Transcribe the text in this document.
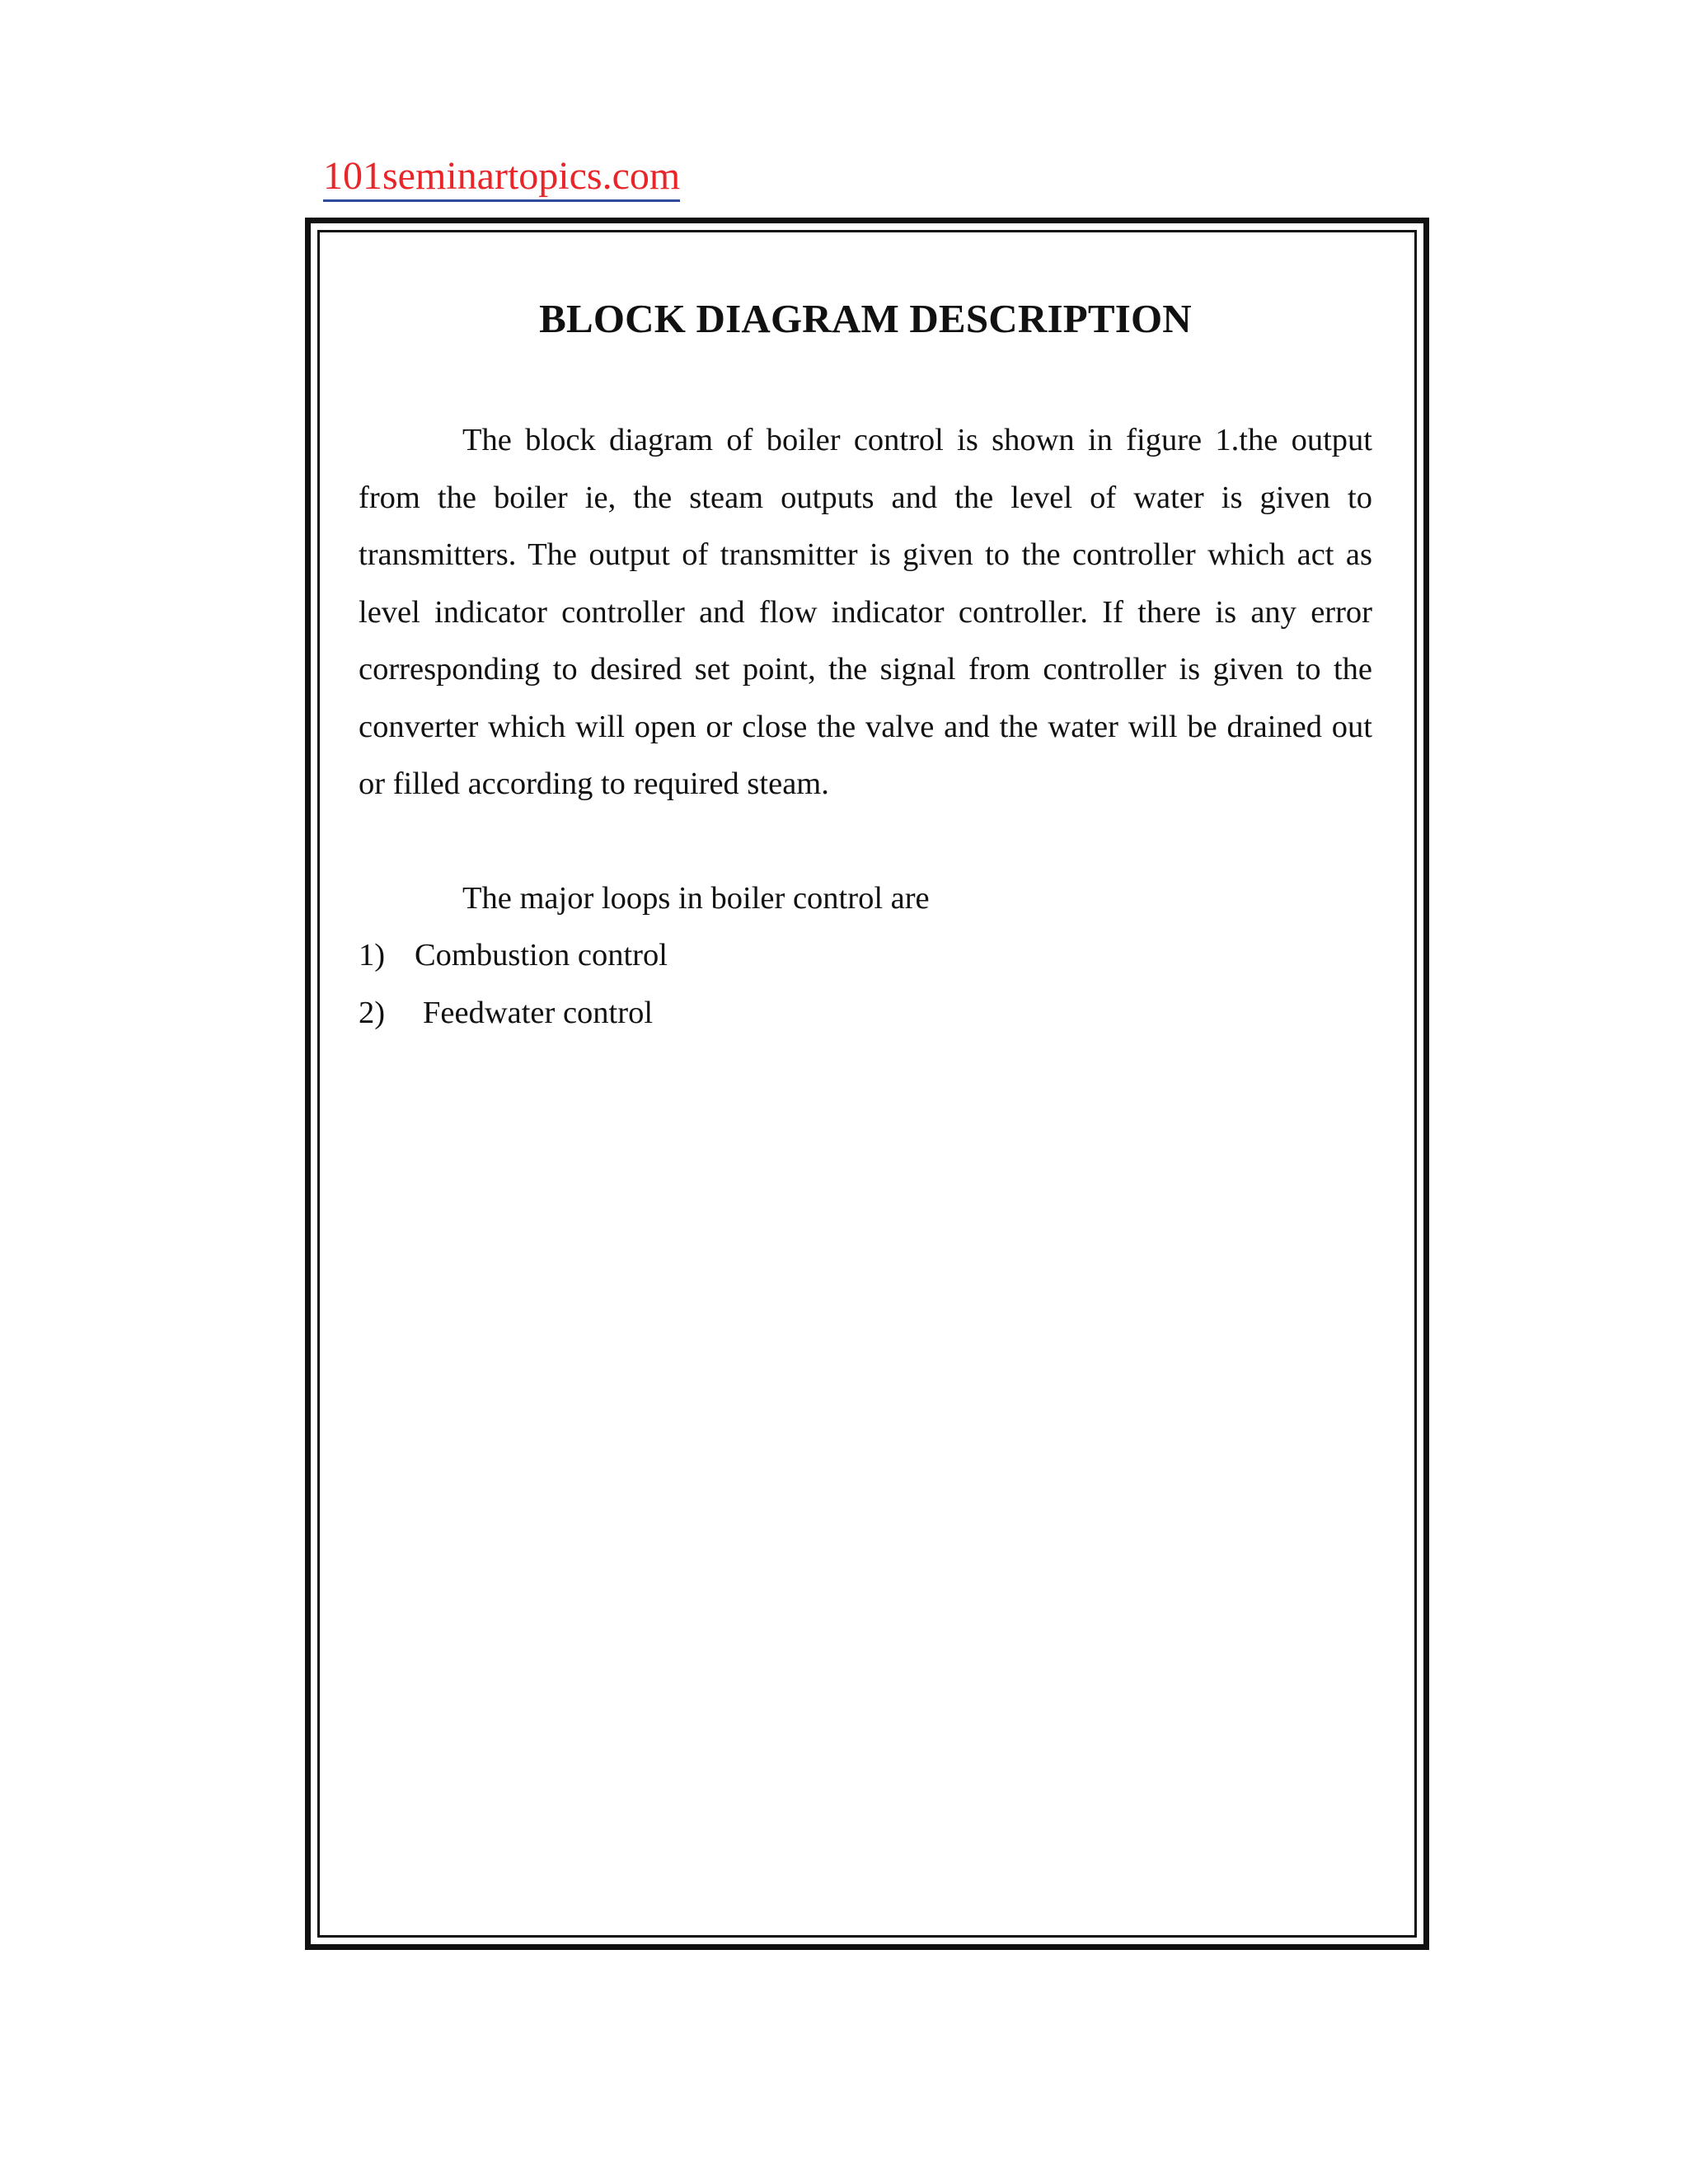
101seminartopics.com
BLOCK DIAGRAM DESCRIPTION

The block diagram of boiler control is shown in figure 1.the output from the boiler ie, the steam outputs and the level of water is given to transmitters. The output of transmitter is given to the controller which act as level indicator controller and flow indicator controller. If there is any error corresponding to desired set point, the signal from controller is given to the converter which will open or close the valve and the water will be drained out or filled according to required steam.

The major loops in boiler control are

1) Combustion control
2)	Feedwater control
